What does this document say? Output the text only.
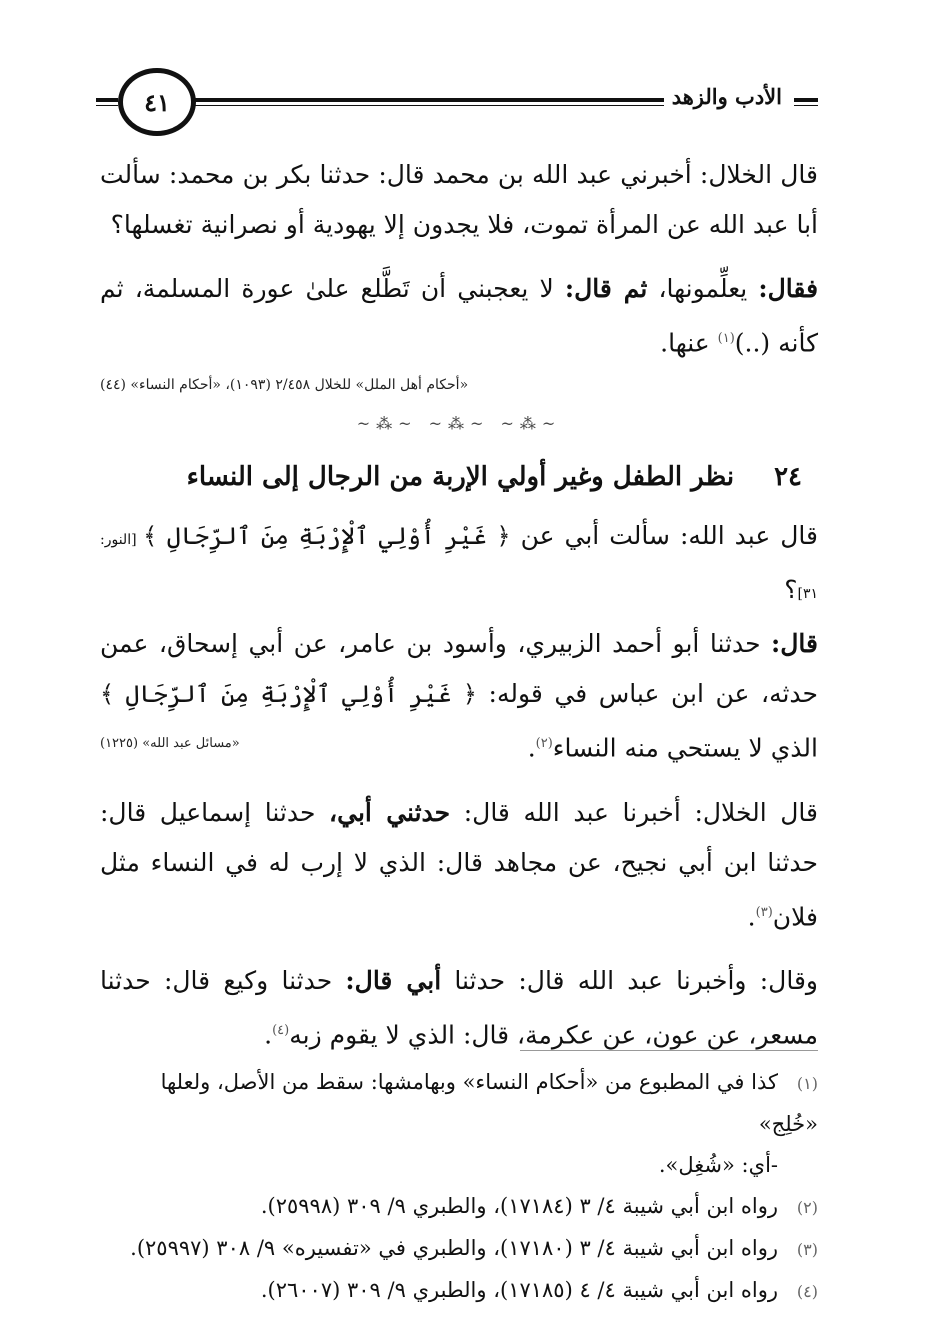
٤١	الأدب والزهد

قال الخلال: أخبرني عبد الله بن محمد قال: حدثنا بكر بن محمد: سألت أبا عبد الله عن المرأة تموت، فلا يجدون إلا يهودية أو نصرانية تغسلها؟

فقال: يعلِّمونها، ثم قال: لا يعجبني أن تَطَّلع علىٰ عورة المسلمة، ثم كأنه (..)$^{(١)}$ عنها.

«أحكام أهل الملل» للخلال ٢/٤٥٨ (١٠٩٣)، «أحكام النساء» (٤٤)

~⁂~ ~⁂~ ~⁂~
٢٤
نظر الطفل وغير أولي الإربة من الرجال إلى النساء

قال عبد الله: سألت أبي عن ﴿ غَيْرِ أُوْلِي ٱلْإِرْبَةِ مِنَ ٱلرِّجَالِ ﴾ [النور: ٣١]؟

قال: حدثنا أبو أحمد الزبيري، وأسود بن عامر، عن أبي إسحاق، عمن حدثه، عن ابن عباس في قوله: ﴿ غَيْرِ أُوْلِي ٱلْإِرْبَةِ مِنَ ٱلرِّجَالِ ﴾ الذي لا يستحي منه النساء$^{(٢)}$.
«مسائل عبد الله» (١٢٢٥)

قال الخلال: أخبرنا عبد الله قال: حدثني أبي، حدثنا إسماعيل قال: حدثنا ابن أبي نجيح، عن مجاهد قال: الذي لا إرب له في النساء مثل فلان$^{(٣)}$.

وقال: وأخبرنا عبد الله قال: حدثنا أبي قال: حدثنا وكيع قال: حدثنا مسعر، عن عون، عن عكرمة، قال: الذي لا يقوم زبه$^{(٤)}$.

(١)كذا في المطبوع من «أحكام النساء» وبهامشها: سقط من الأصل، ولعلها «خُلِج»

-أي: «شُغِل».

(٢)رواه ابن أبي شيبة ٤/ ٣ (١٧١٨٤)، والطبري ٩/ ٣٠٩ (٢٥٩٩٨).

(٣)رواه ابن أبي شيبة ٤/ ٣ (١٧١٨٠)، والطبري في «تفسيره» ٩/ ٣٠٨ (٢٥٩٩٧).

(٤)رواه ابن أبي شيبة ٤/ ٤ (١٧١٨٥)، والطبري ٩/ ٣٠٩ (٢٦٠٠٧).
